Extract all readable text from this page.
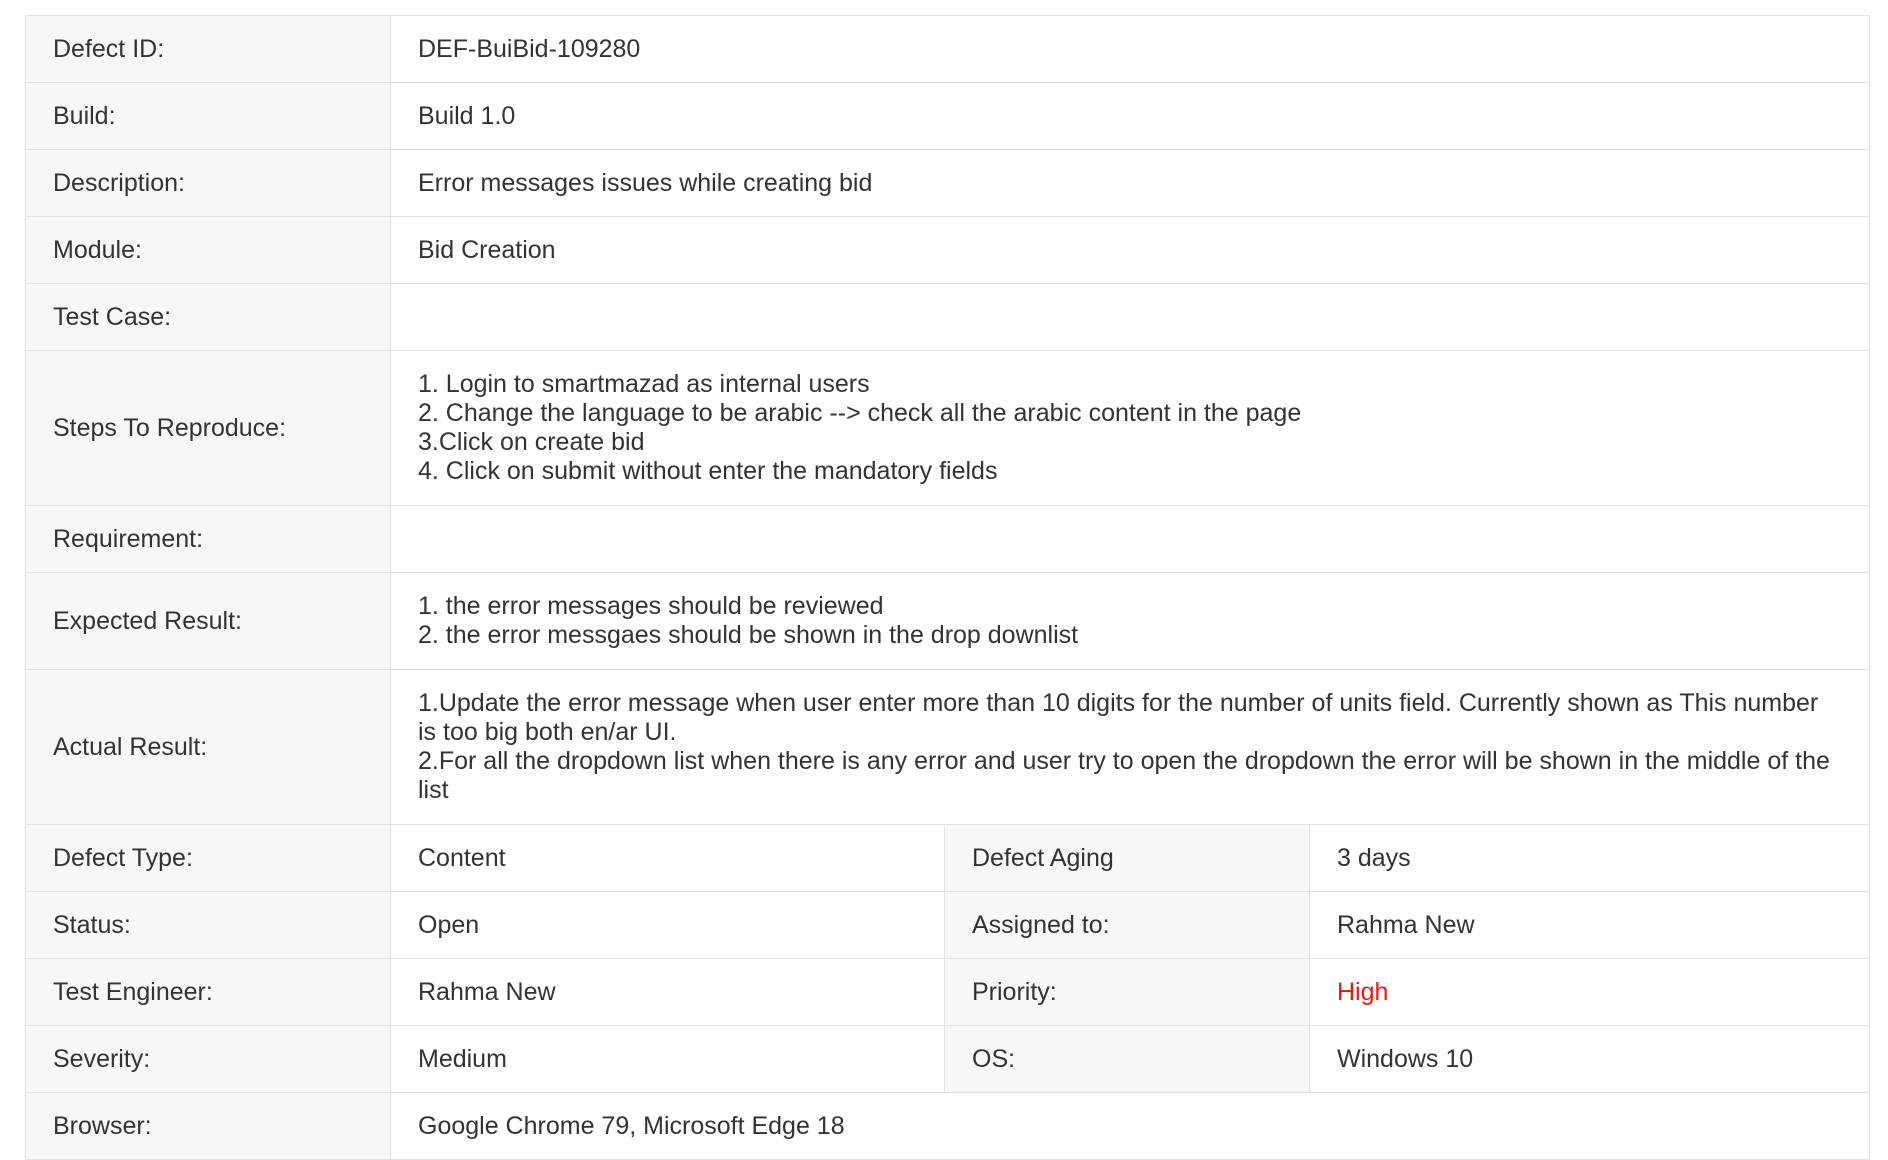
Defect ID:	DEF-BuiBid-109280		
Build:	Build 1.0		
Description:	Error messages issues while creating bid		
Module:	Bid Creation		
Test Case:			
Steps To Reproduce:	1. Login to smartmazad as internal users
2. Change the language to be arabic --> check all the arabic content in the page
3.Click on create bid
4. Click on submit without enter the mandatory fields		
Requirement:			
Expected Result:	1. the error messages should be reviewed
2. the error messgaes should be shown in the drop downlist		
Actual Result:	1.Update the error message when user enter more than 10 digits for the number of units field. Currently shown as This number is too big both en/ar UI.
2.For all the dropdown list when there is any error and user try to open the dropdown the error will be shown in the middle of the list		
Defect Type:	Content	Defect Aging	3 days
Status:	Open	Assigned to:	Rahma New
Test Engineer:	Rahma New	Priority:	High
Severity:	Medium	OS:	Windows 10
Browser:	Google Chrome 79, Microsoft Edge 18		
